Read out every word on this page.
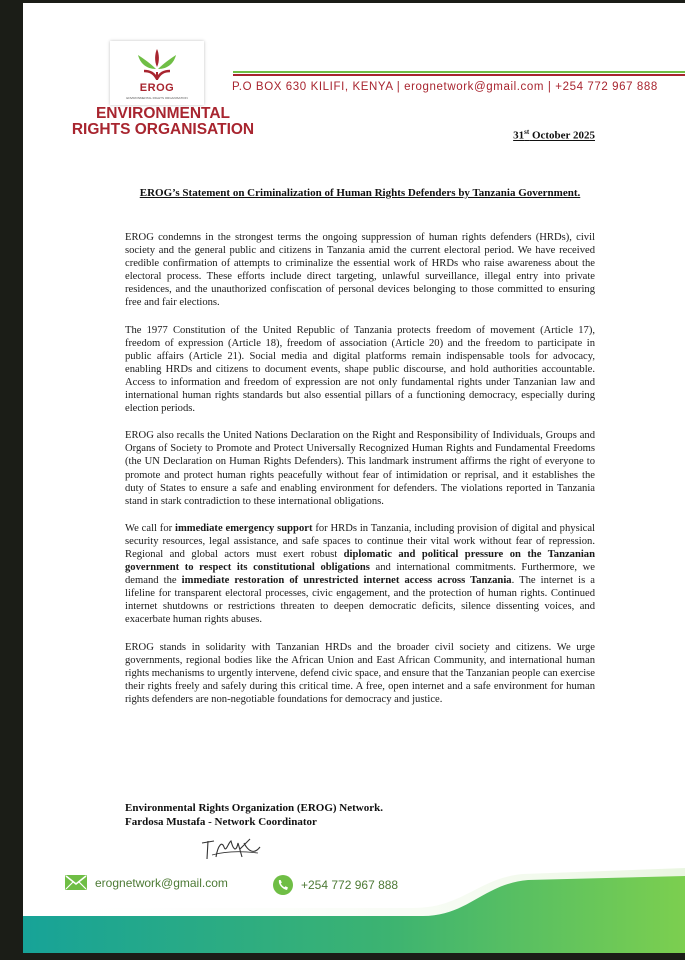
EROG
ENVIRONMENTAL RIGHTS ORGANISATION
ENVIRONMENTAL
RIGHTS ORGANISATION
P.O BOX 630 KILIFI, KENYA | erognetwork@gmail.com | +254 772 967 888
31st October 2025
EROG’s Statement on Criminalization of Human Rights Defenders by Tanzania Government.

EROG condemns in the strongest terms the ongoing suppression of human rights defenders (HRDs), civil society and the general public and citizens in Tanzania amid the current electoral period. We have received credible confirmation of attempts to criminalize the essential work of HRDs who raise awareness about the electoral process. These efforts include direct targeting, unlawful surveillance, illegal entry into private residences, and the unauthorized confiscation of personal devices belonging to those committed to ensuring free and fair elections.

The 1977 Constitution of the United Republic of Tanzania protects freedom of movement (Article 17), freedom of expression (Article 18), freedom of association (Article 20) and the freedom to participate in public affairs (Article 21). Social media and digital platforms remain indispensable tools for advocacy, enabling HRDs and citizens to document events, shape public discourse, and hold authorities accountable. Access to information and freedom of expression are not only fundamental rights under Tanzanian law and international human rights standards but also essential pillars of a functioning democracy, especially during election periods.

EROG also recalls the United Nations Declaration on the Right and Responsibility of Individuals, Groups and Organs of Society to Promote and Protect Universally Recognized Human Rights and Fundamental Freedoms (the UN Declaration on Human Rights Defenders). This landmark instrument affirms the right of everyone to promote and protect human rights peacefully without fear of intimidation or reprisal, and it establishes the duty of States to ensure a safe and enabling environment for defenders. The violations reported in Tanzania stand in stark contradiction to these international obligations.

We call for immediate emergency support for HRDs in Tanzania, including provision of digital and physical security resources, legal assistance, and safe spaces to continue their vital work without fear of repression. Regional and global actors must exert robust diplomatic and political pressure on the Tanzanian government to respect its constitutional obligations and international commitments. Furthermore, we demand the immediate restoration of unrestricted internet access across Tanzania. The internet is a lifeline for transparent electoral processes, civic engagement, and the protection of human rights. Continued internet shutdowns or restrictions threaten to deepen democratic deficits, silence dissenting voices, and exacerbate human rights abuses.

EROG stands in solidarity with Tanzanian HRDs and the broader civil society and citizens. We urge governments, regional bodies like the African Union and East African Community, and international human rights mechanisms to urgently intervene, defend civic space, and ensure that the Tanzanian people can exercise their rights freely and safely during this critical time. A free, open internet and a safe environment for human rights defenders are non-negotiable foundations for democracy and justice.

Environmental Rights Organization (EROG) Network.
Fardosa Mustafa - Network Coordinator
erognetwork@gmail.com	+254 772 967 888
